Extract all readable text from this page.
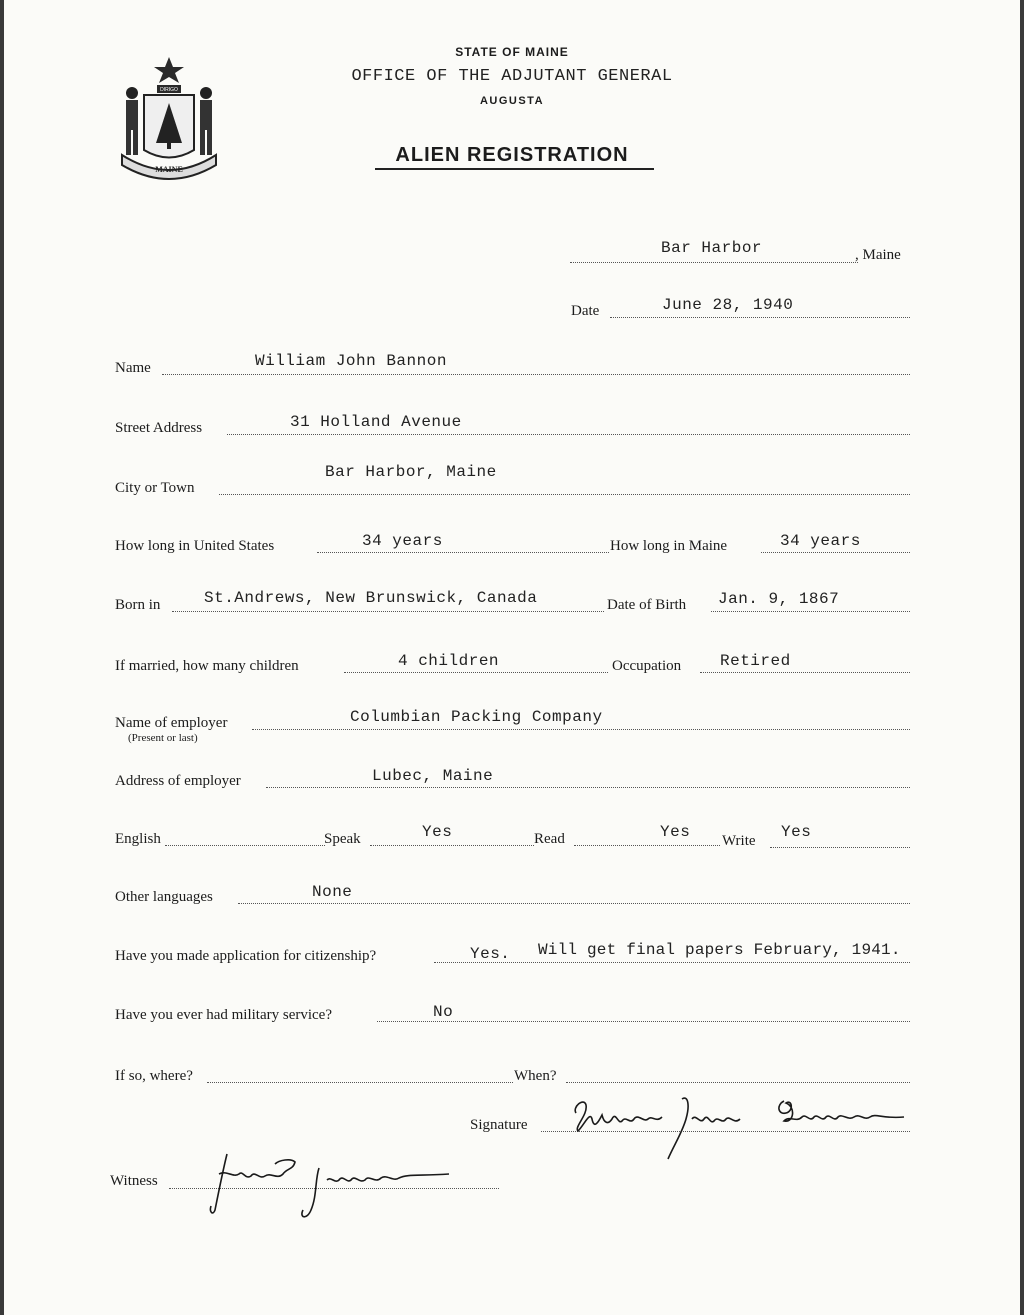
MAINE
DIRIGO
STATE OF MAINE
OFFICE OF THE ADJUTANT GENERAL
AUGUSTA
ALIEN REGISTRATION
Bar Harbor	, Maine
Date	June 28, 1940
Name	William John Bannon
Street Address	31 Holland Avenue
City or Town
Bar Harbor, Maine
How long in United States	34 years	How long in Maine	34 years
Born in	St.Andrews, New Brunswick, Canada	Date of Birth Jan. 9, 1867
If married, how many children	4 children	Occupation Retired
Name of employer
(Present or last)
Columbian Packing Company
Address of employer	Lubec, Maine
English	Speak	Yes	Read	Yes Write Yes
Other languages	None
Have you made application for citizenship?	Yes. Will get final papers February, 1941.
Have you ever had military service?	No
If so, where?	When?
Signature
William John Bannon
Witness
Jack Jellison
